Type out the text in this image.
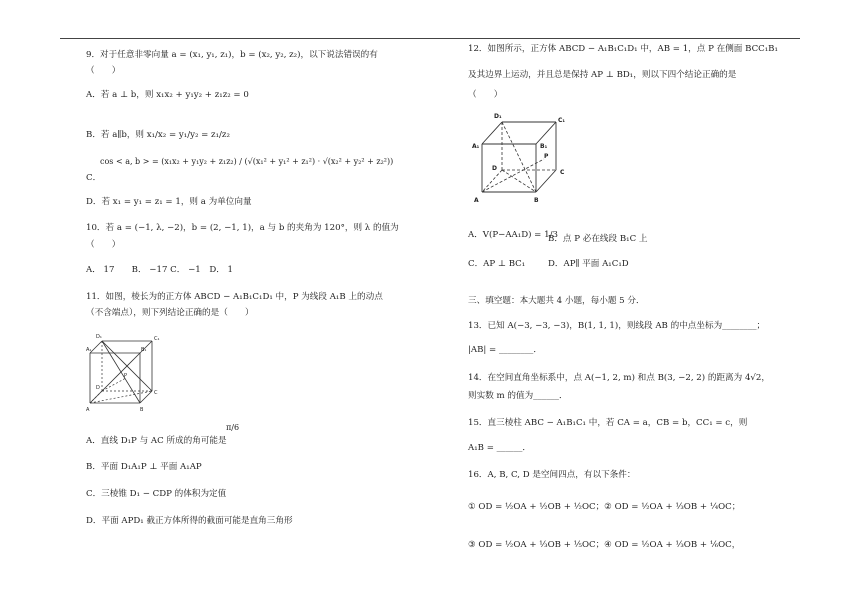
9．对于任意非零向量 a = (x₁, y₁, z₁)，b = (x₂, y₂, z₂)，以下说法错误的有
（　　）
A．若 a ⊥ b，则 x₁x₂ + y₁y₂ + z₁z₂ = 0
B．若 a∥b，则 x₁/x₂ = y₁/y₂ = z₁/z₂
cos < a, b > = (x₁x₂ + y₁y₂ + z₁z₂) / (√(x₁² + y₁² + z₁²) · √(x₂² + y₂² + z₂²))
C．
D．若 x₁ = y₁ = z₁ = 1，则 a 为单位向量
10．若 a = (−1, λ, −2)，b = (2, −1, 1)，a 与 b 的夹角为 120°，则 λ 的值为
（　　）
A． 17　　B． −17 C． −1　D． 1
11．如图，棱长为的正方体 ABCD − A₁B₁C₁D₁ 中，P 为线段 A₁B 上的动点
（不含端点），则下列结论正确的是（　　）
A	B
C
D
P
A₁	B₁
C₁
D₁
π/6
A．直线 D₁P 与 AC 所成的角可能是
B．平面 D₁A₁P ⊥ 平面 A₁AP
C．三棱锥 D₁ − CDP 的体积为定值
D．平面 APD₁ 截正方体所得的截面可能是直角三角形
12．如图所示，正方体 ABCD − A₁B₁C₁D₁ 中，AB = 1，点 P 在侧面 BCC₁B₁
及其边界上运动，并且总是保持 AP ⊥ BD₁，则以下四个结论正确的是
（　　）
A	B
C
D
P
A₁	B₁
C₁
D₁
A．V(P−AA₁D) = 1/3
B．点 P 必在线段 B₁C 上
C．AP ⊥ BC₁	D．AP∥ 平面 A₁C₁D
三、填空题：本大题共 4 小题，每小题 5 分．
13．已知 A(−3, −3, −3)，B(1, 1, 1)，则线段 AB 的中点坐标为________；
|AB| = ________．
14．在空间直角坐标系中，点 A(−1, 2, m) 和点 B(3, −2, 2) 的距离为 4√2，
则实数 m 的值为______．
15．直三棱柱 ABC − A₁B₁C₁ 中，若 CA = a，CB = b，CC₁ = c，则
A₁B = ______．
16．A, B, C, D 是空间四点，有以下条件：
① OD = ½OA + ½OB + ½OC；② OD = ½OA + ⅓OB + ¼OC；
③ OD = ½OA + ⅓OB + ⅕OC；④ OD = ½OA + ⅓OB + ⅙OC，
